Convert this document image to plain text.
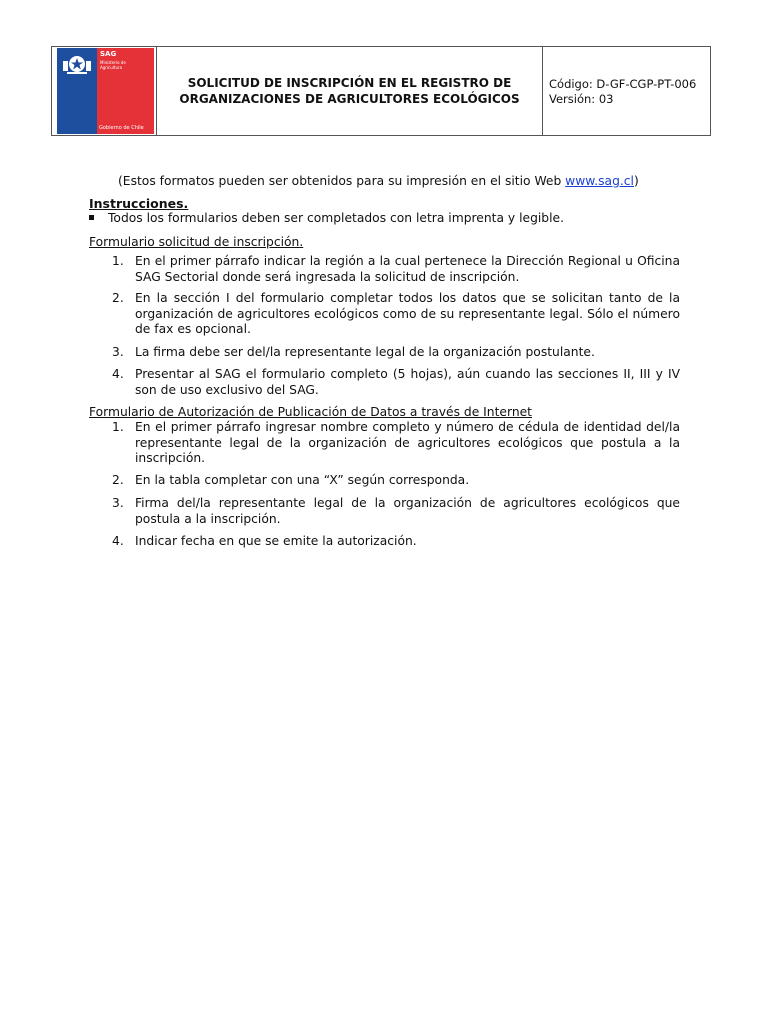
SAG
Ministerio de
Agricultura
Gobierno de Chile
SOLICITUD DE INSCRIPCIÓN EN EL REGISTRO DE
ORGANIZACIONES DE AGRICULTORES ECOLÓGICOS
Código: D-GF-CGP-PT-006
Versión: 03
(Estos formatos pueden ser obtenidos para su impresión en el sitio Web www.sag.cl)
Instrucciones.
Todos los formularios deben ser completados con letra imprenta y legible.
Formulario solicitud de inscripción.
1. En el primer párrafo indicar la región a la cual pertenece la Dirección Regional u Oficina SAG Sectorial donde será ingresada la solicitud de inscripción.
2. En la sección I del formulario completar todos los datos que se solicitan tanto de la organización de agricultores ecológicos como de su representante legal. Sólo el número de fax es opcional.
3. La firma debe ser del/la representante legal de la organización postulante.
4. Presentar al SAG el formulario completo (5 hojas), aún cuando las secciones II, III y IV son de uso exclusivo del SAG.
Formulario de Autorización de Publicación de Datos a través de Internet
1. En el primer párrafo ingresar nombre completo y número de cédula de identidad del/la representante legal de la organización de agricultores ecológicos que postula a la inscripción.
2. En la tabla completar con una “X” según corresponda.
3. Firma del/la representante legal de la organización de agricultores ecológicos que postula a la inscripción.
4. Indicar fecha en que se emite la autorización.
